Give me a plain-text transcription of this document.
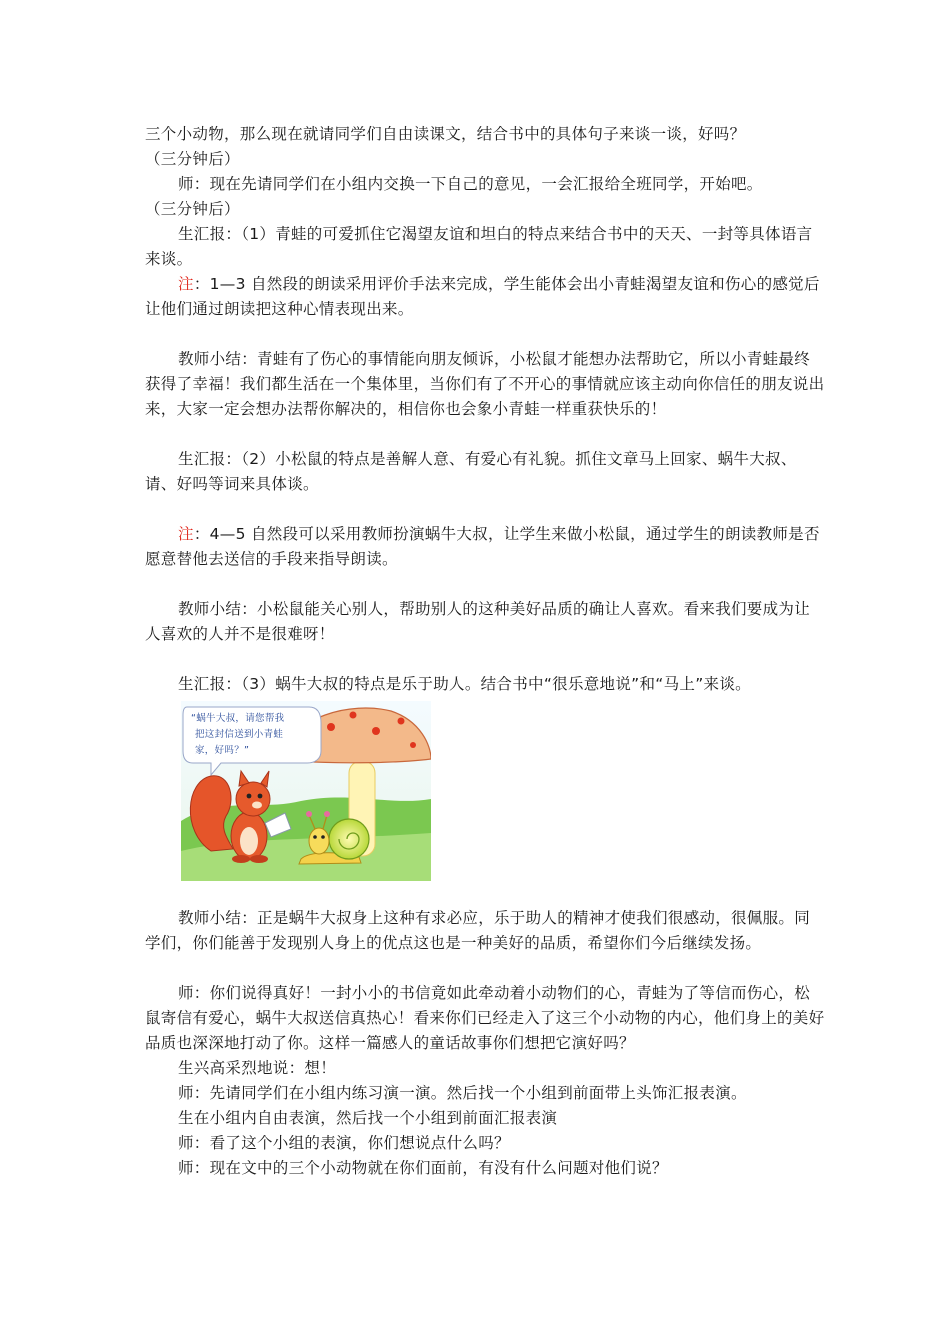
三个小动物，那么现在就请同学们自由读课文，结合书中的具体句子来谈一谈，好吗？

（三分钟后）

师：现在先请同学们在小组内交换一下自己的意见，一会汇报给全班同学，开始吧。

（三分钟后）

生汇报：（1）青蛙的可爱抓住它渴望友谊和坦白的特点来结合书中的天天、一封等具体语言来谈。

注：1—3 自然段的朗读采用评价手法来完成，学生能体会出小青蛙渴望友谊和伤心的感觉后让他们通过朗读把这种心情表现出来。

教师小结：青蛙有了伤心的事情能向朋友倾诉，小松鼠才能想办法帮助它，所以小青蛙最终获得了幸福！我们都生活在一个集体里，当你们有了不开心的事情就应该主动向你信任的朋友说出来，大家一定会想办法帮你解决的，相信你也会象小青蛙一样重获快乐的！

生汇报：（2）小松鼠的特点是善解人意、有爱心有礼貌。抓住文章马上回家、蜗牛大叔、请、好吗等词来具体谈。

注：4—5 自然段可以采用教师扮演蜗牛大叔，让学生来做小松鼠，通过学生的朗读教师是否愿意替他去送信的手段来指导朗读。

教师小结：小松鼠能关心别人，帮助别人的这种美好品质的确让人喜欢。看来我们要成为让人喜欢的人并不是很难呀！

生汇报：（3）蜗牛大叔的特点是乐于助人。结合书中“很乐意地说”和“马上”来谈。

“蜗牛大叔，请您帮我
把这封信送到小青蛙
家，好吗？”

教师小结：正是蜗牛大叔身上这种有求必应，乐于助人的精神才使我们很感动，很佩服。同学们，你们能善于发现别人身上的优点这也是一种美好的品质，希望你们今后继续发扬。

师：你们说得真好！一封小小的书信竟如此牵动着小动物们的心，青蛙为了等信而伤心，松鼠寄信有爱心，蜗牛大叔送信真热心！看来你们已经走入了这三个小动物的内心，他们身上的美好品质也深深地打动了你。这样一篇感人的童话故事你们想把它演好吗？

生兴高采烈地说：想！

师：先请同学们在小组内练习演一演。然后找一个小组到前面带上头饰汇报表演。

生在小组内自由表演，然后找一个小组到前面汇报表演

师：看了这个小组的表演，你们想说点什么吗？

师：现在文中的三个小动物就在你们面前，有没有什么问题对他们说？
